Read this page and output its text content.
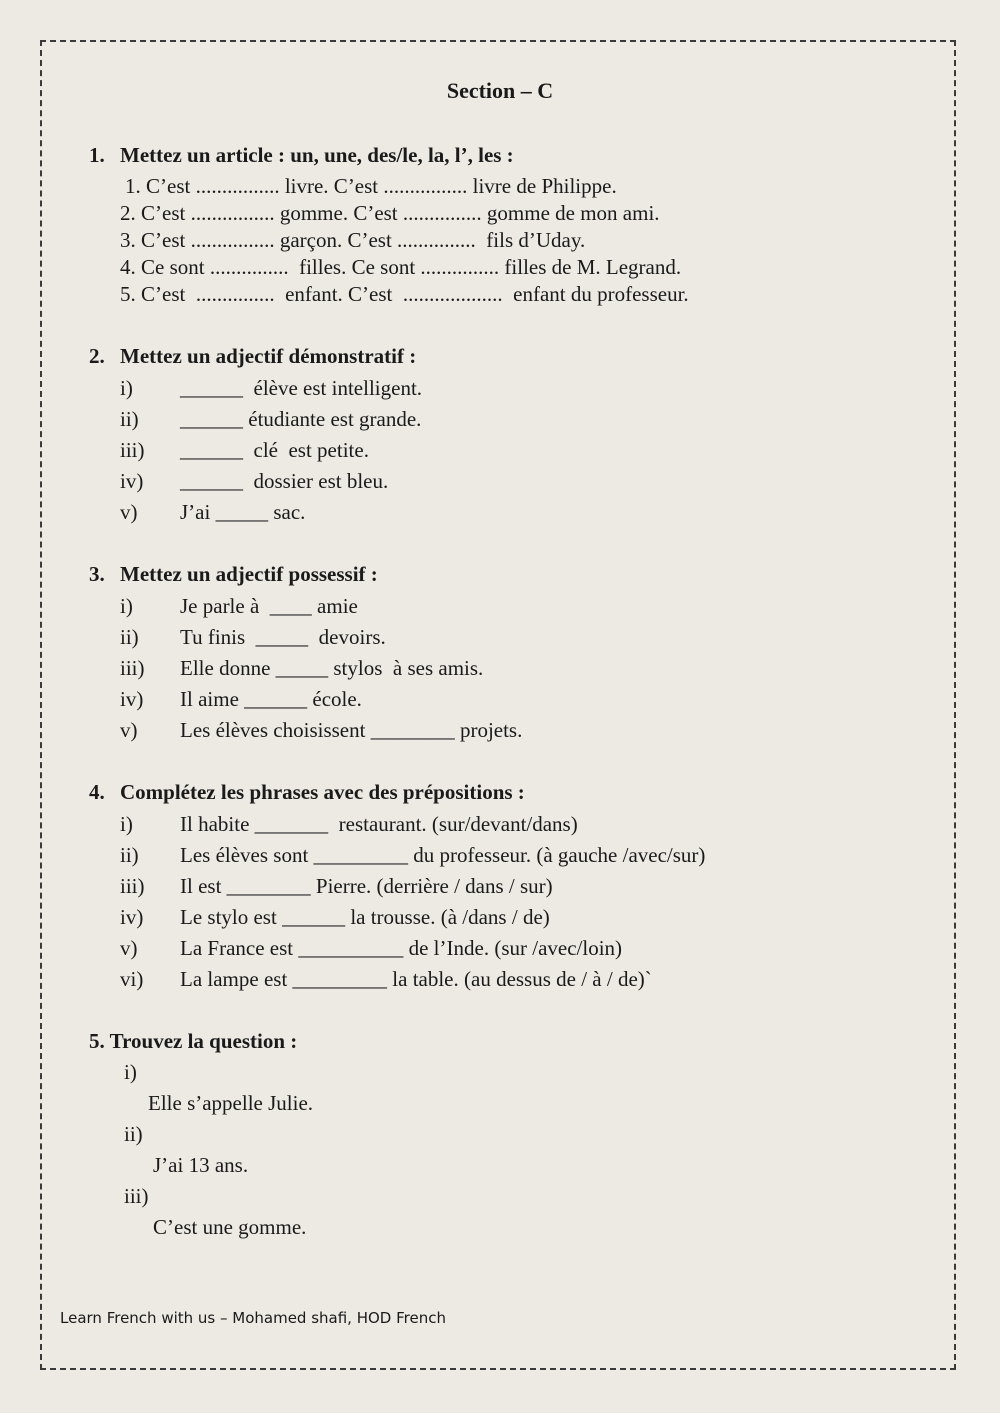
Section – C
1. Mettez un article : un, une, des/le, la, l’, les :
1. C’est ................ livre. C’est ................ livre de Philippe.
2. C’est ................ gomme. C’est ............... gomme de mon ami.
3. C’est ................ garçon. C’est ...............  fils d’Uday.
4. Ce sont ...............  filles. Ce sont ............... filles de M. Legrand.
5. C’est  ...............  enfant. C’est  ...................  enfant du professeur.
2. Mettez un adjectif démonstratif :
i) ______  élève est intelligent.
ii) ______ étudiante est grande.
iii) ______  clé  est petite.
iv) ______  dossier est bleu.
v) J’ai _____ sac.
3. Mettez un adjectif possessif :
i) Je parle à  ____ amie
ii) Tu finis  _____  devoirs.
iii) Elle donne _____ stylos  à ses amis.
iv) Il aime ______ école.
v) Les élèves choisissent ________ projets.
4. Complétez les phrases avec des prépositions :
i) Il habite _______  restaurant. (sur/devant/dans)
ii) Les élèves sont _________ du professeur. (à gauche /avec/sur)
iii) Il est ________ Pierre. (derrière / dans / sur)
iv) Le stylo est ______ la trousse. (à /dans / de)
v) La France est __________ de l’Inde. (sur /avec/loin)
vi) La lampe est _________ la table. (au dessus de / à / de)`
5. Trouvez la question :
i)
Elle s’appelle Julie.
ii)
J’ai 13 ans.
iii)
C’est une gomme.
Learn French with us – Mohamed shafi, HOD French
